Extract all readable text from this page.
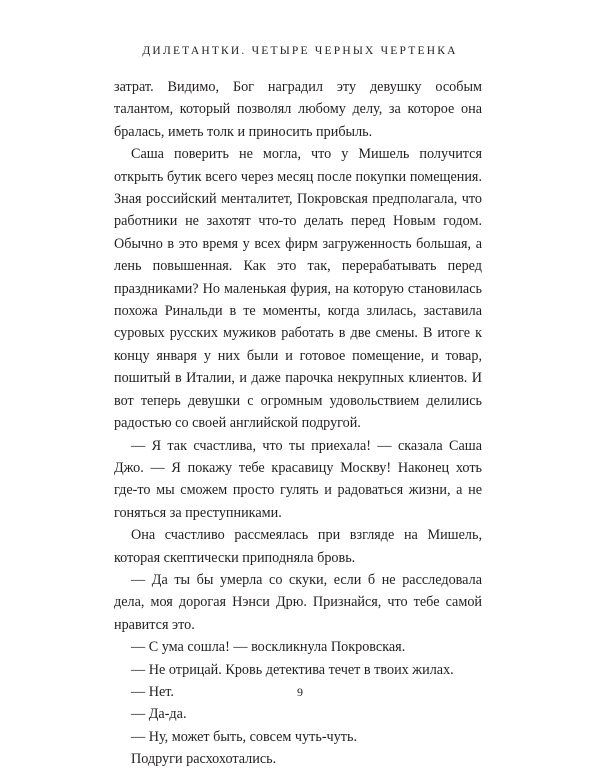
ДИЛЕТАНТКИ. ЧЕТЫРЕ ЧЕРНЫХ ЧЕРТЕНКА

затрат. Видимо, Бог наградил эту девушку особым талантом, который позволял любому делу, за которое она бралась, иметь толк и приносить прибыль.

Саша поверить не могла, что у Мишель получится открыть бутик всего через месяц после покупки помещения. Зная российский менталитет, Покровская предполагала, что работники не захотят что-то делать перед Новым годом. Обычно в это время у всех фирм загруженность большая, а лень повышенная. Как это так, перерабатывать перед праздниками? Но маленькая фурия, на которую становилась похожа Ринальди в те моменты, когда злилась, заставила суровых русских мужиков работать в две смены. В итоге к концу января у них были и готовое помещение, и товар, пошитый в Италии, и даже парочка некрупных клиентов. И вот теперь девушки с огромным удовольствием делились радостью со своей английской подругой.

— Я так счастлива, что ты приехала! — сказала Саша Джо. — Я покажу тебе красавицу Москву! Наконец хоть где-то мы сможем просто гулять и радоваться жизни, а не гоняться за преступниками.

Она счастливо рассмеялась при взгляде на Мишель, которая скептически приподняла бровь.

— Да ты бы умерла со скуки, если б не расследовала дела, моя дорогая Нэнси Дрю. Признайся, что тебе самой нравится это.

— С ума сошла! — воскликнула Покровская.

— Не отрицай. Кровь детектива течет в твоих жилах.

— Нет.

— Да-да.

— Ну, может быть, совсем чуть-чуть.

Подруги расхохотались.

9
